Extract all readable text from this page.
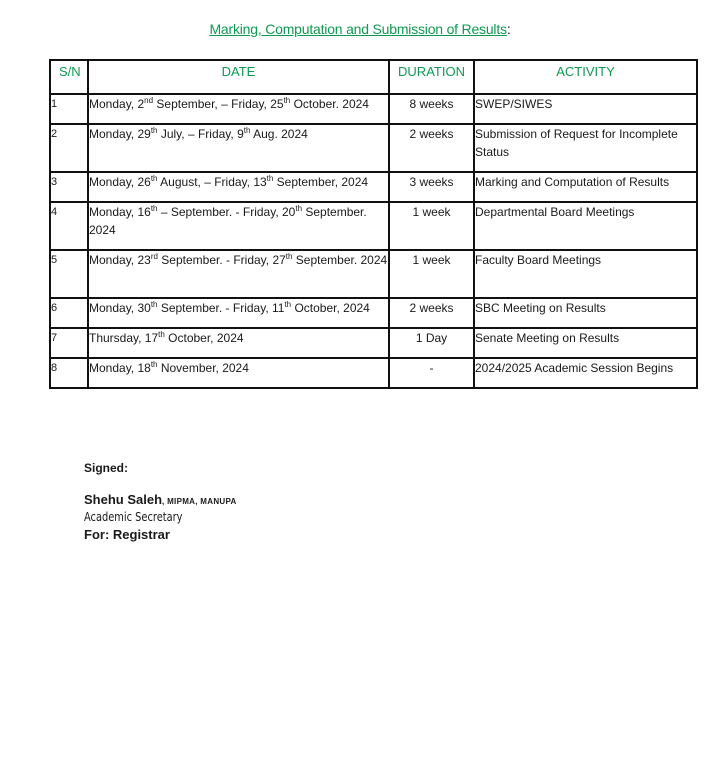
Marking, Computation and Submission of Results:
S/N	DATE	DURATION	ACTIVITY
1	Monday, 2nd September, – Friday, 25th October. 2024	8 weeks	SWEP/SIWES
2	Monday, 29th July, – Friday, 9th Aug. 2024	2 weeks	Submission of Request for Incomplete Status
3	Monday, 26th August, – Friday, 13th September, 2024	3 weeks	Marking and Computation of Results
4	Monday, 16th – September. - Friday, 20th September. 2024	1 week	Departmental Board Meetings
5	Monday, 23rd September. - Friday, 27th September. 2024	1 week	Faculty Board Meetings
6	Monday, 30th September. - Friday, 11th October, 2024	2 weeks	SBC Meeting on Results
7	Thursday, 17th October, 2024	1 Day	Senate Meeting on Results
8	Monday, 18th November, 2024	-	2024/2025 Academic Session Begins
Signed:
Shehu Saleh, MIPMA, MANUPA
Academic Secretary
For: Registrar
